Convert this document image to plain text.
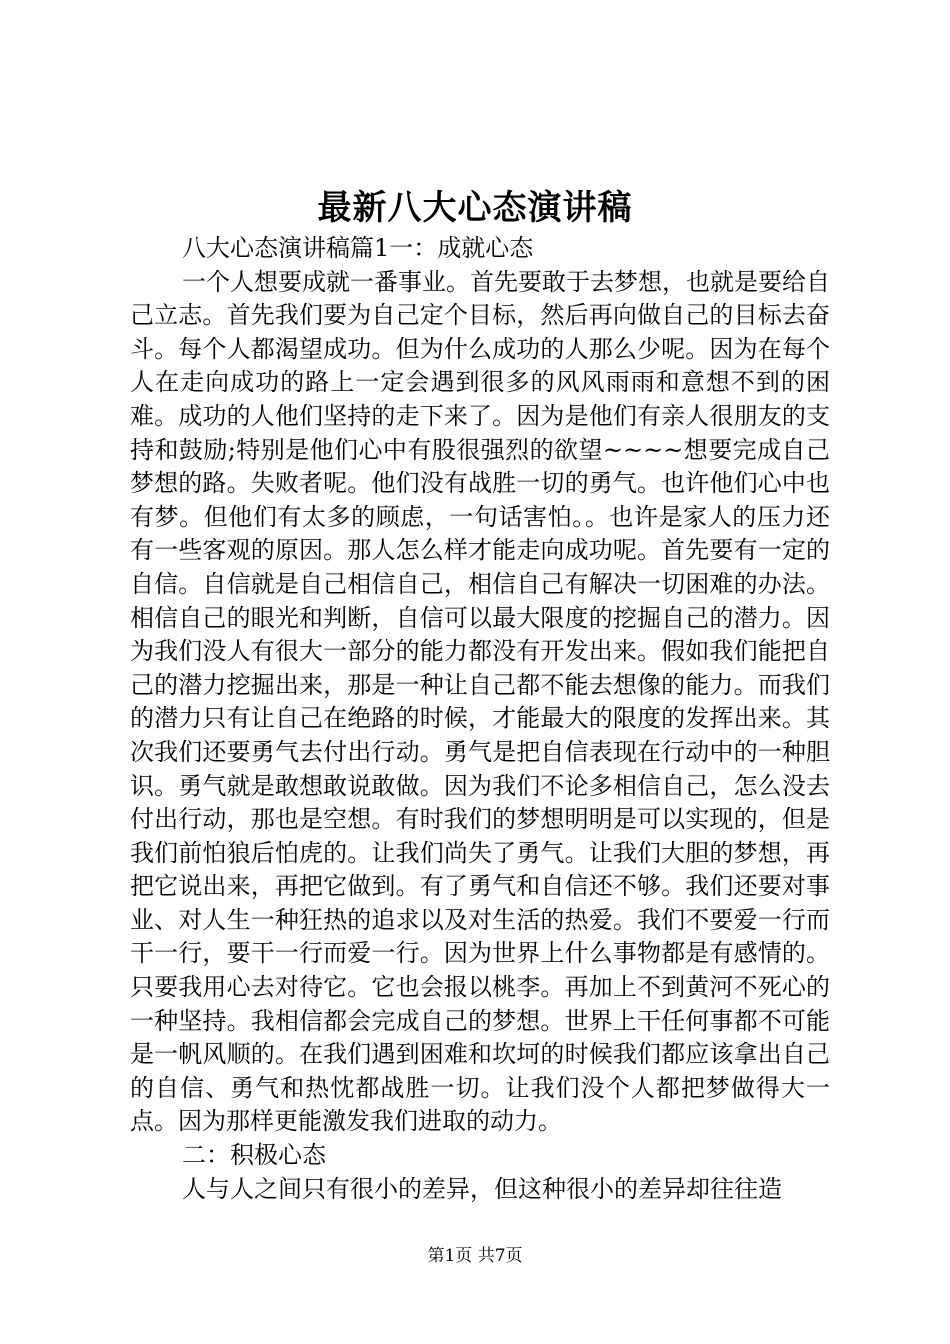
最新八大心态演讲稿

八大心态演讲稿篇1一：成就心态

一个人想要成就一番事业。首先要敢于去梦想，也就是要给自己立志。首先我们要为自己定个目标，然后再向做自己的目标去奋斗。每个人都渴望成功。但为什么成功的人那么少呢。因为在每个人在走向成功的路上一定会遇到很多的风风雨雨和意想不到的困难。成功的人他们坚持的走下来了。因为是他们有亲人很朋友的支持和鼓励;特别是他们心中有股很强烈的欲望~~~~想要完成自己梦想的路。失败者呢。他们没有战胜一切的勇气。也许他们心中也有梦。但他们有太多的顾虑，一句话害怕。。也许是家人的压力还有一些客观的原因。那人怎么样才能走向成功呢。首先要有一定的自信。自信就是自己相信自己，相信自己有解决一切困难的办法。相信自己的眼光和判断，自信可以最大限度的挖掘自己的潜力。因为我们没人有很大一部分的能力都没有开发出来。假如我们能把自己的潜力挖掘出来，那是一种让自己都不能去想像的能力。而我们的潜力只有让自己在绝路的时候，才能最大的限度的发挥出来。其次我们还要勇气去付出行动。勇气是把自信表现在行动中的一种胆识。勇气就是敢想敢说敢做。因为我们不论多相信自己，怎么没去付出行动，那也是空想。有时我们的梦想明明是可以实现的，但是我们前怕狼后怕虎的。让我们尚失了勇气。让我们大胆的梦想，再把它说出来，再把它做到。有了勇气和自信还不够。我们还要对事业、对人生一种狂热的追求以及对生活的热爱。我们不要爱一行而干一行，要干一行而爱一行。因为世界上什么事物都是有感情的。只要我用心去对待它。它也会报以桃李。再加上不到黄河不死心的一种坚持。我相信都会完成自己的梦想。世界上干任何事都不可能是一帆风顺的。在我们遇到困难和坎坷的时候我们都应该拿出自己的自信、勇气和热忱都战胜一切。让我们没个人都把梦做得大一点。因为那样更能激发我们进取的动力。

二：积极心态

人与人之间只有很小的差异，但这种很小的差异却往往造

第1页 共7页
